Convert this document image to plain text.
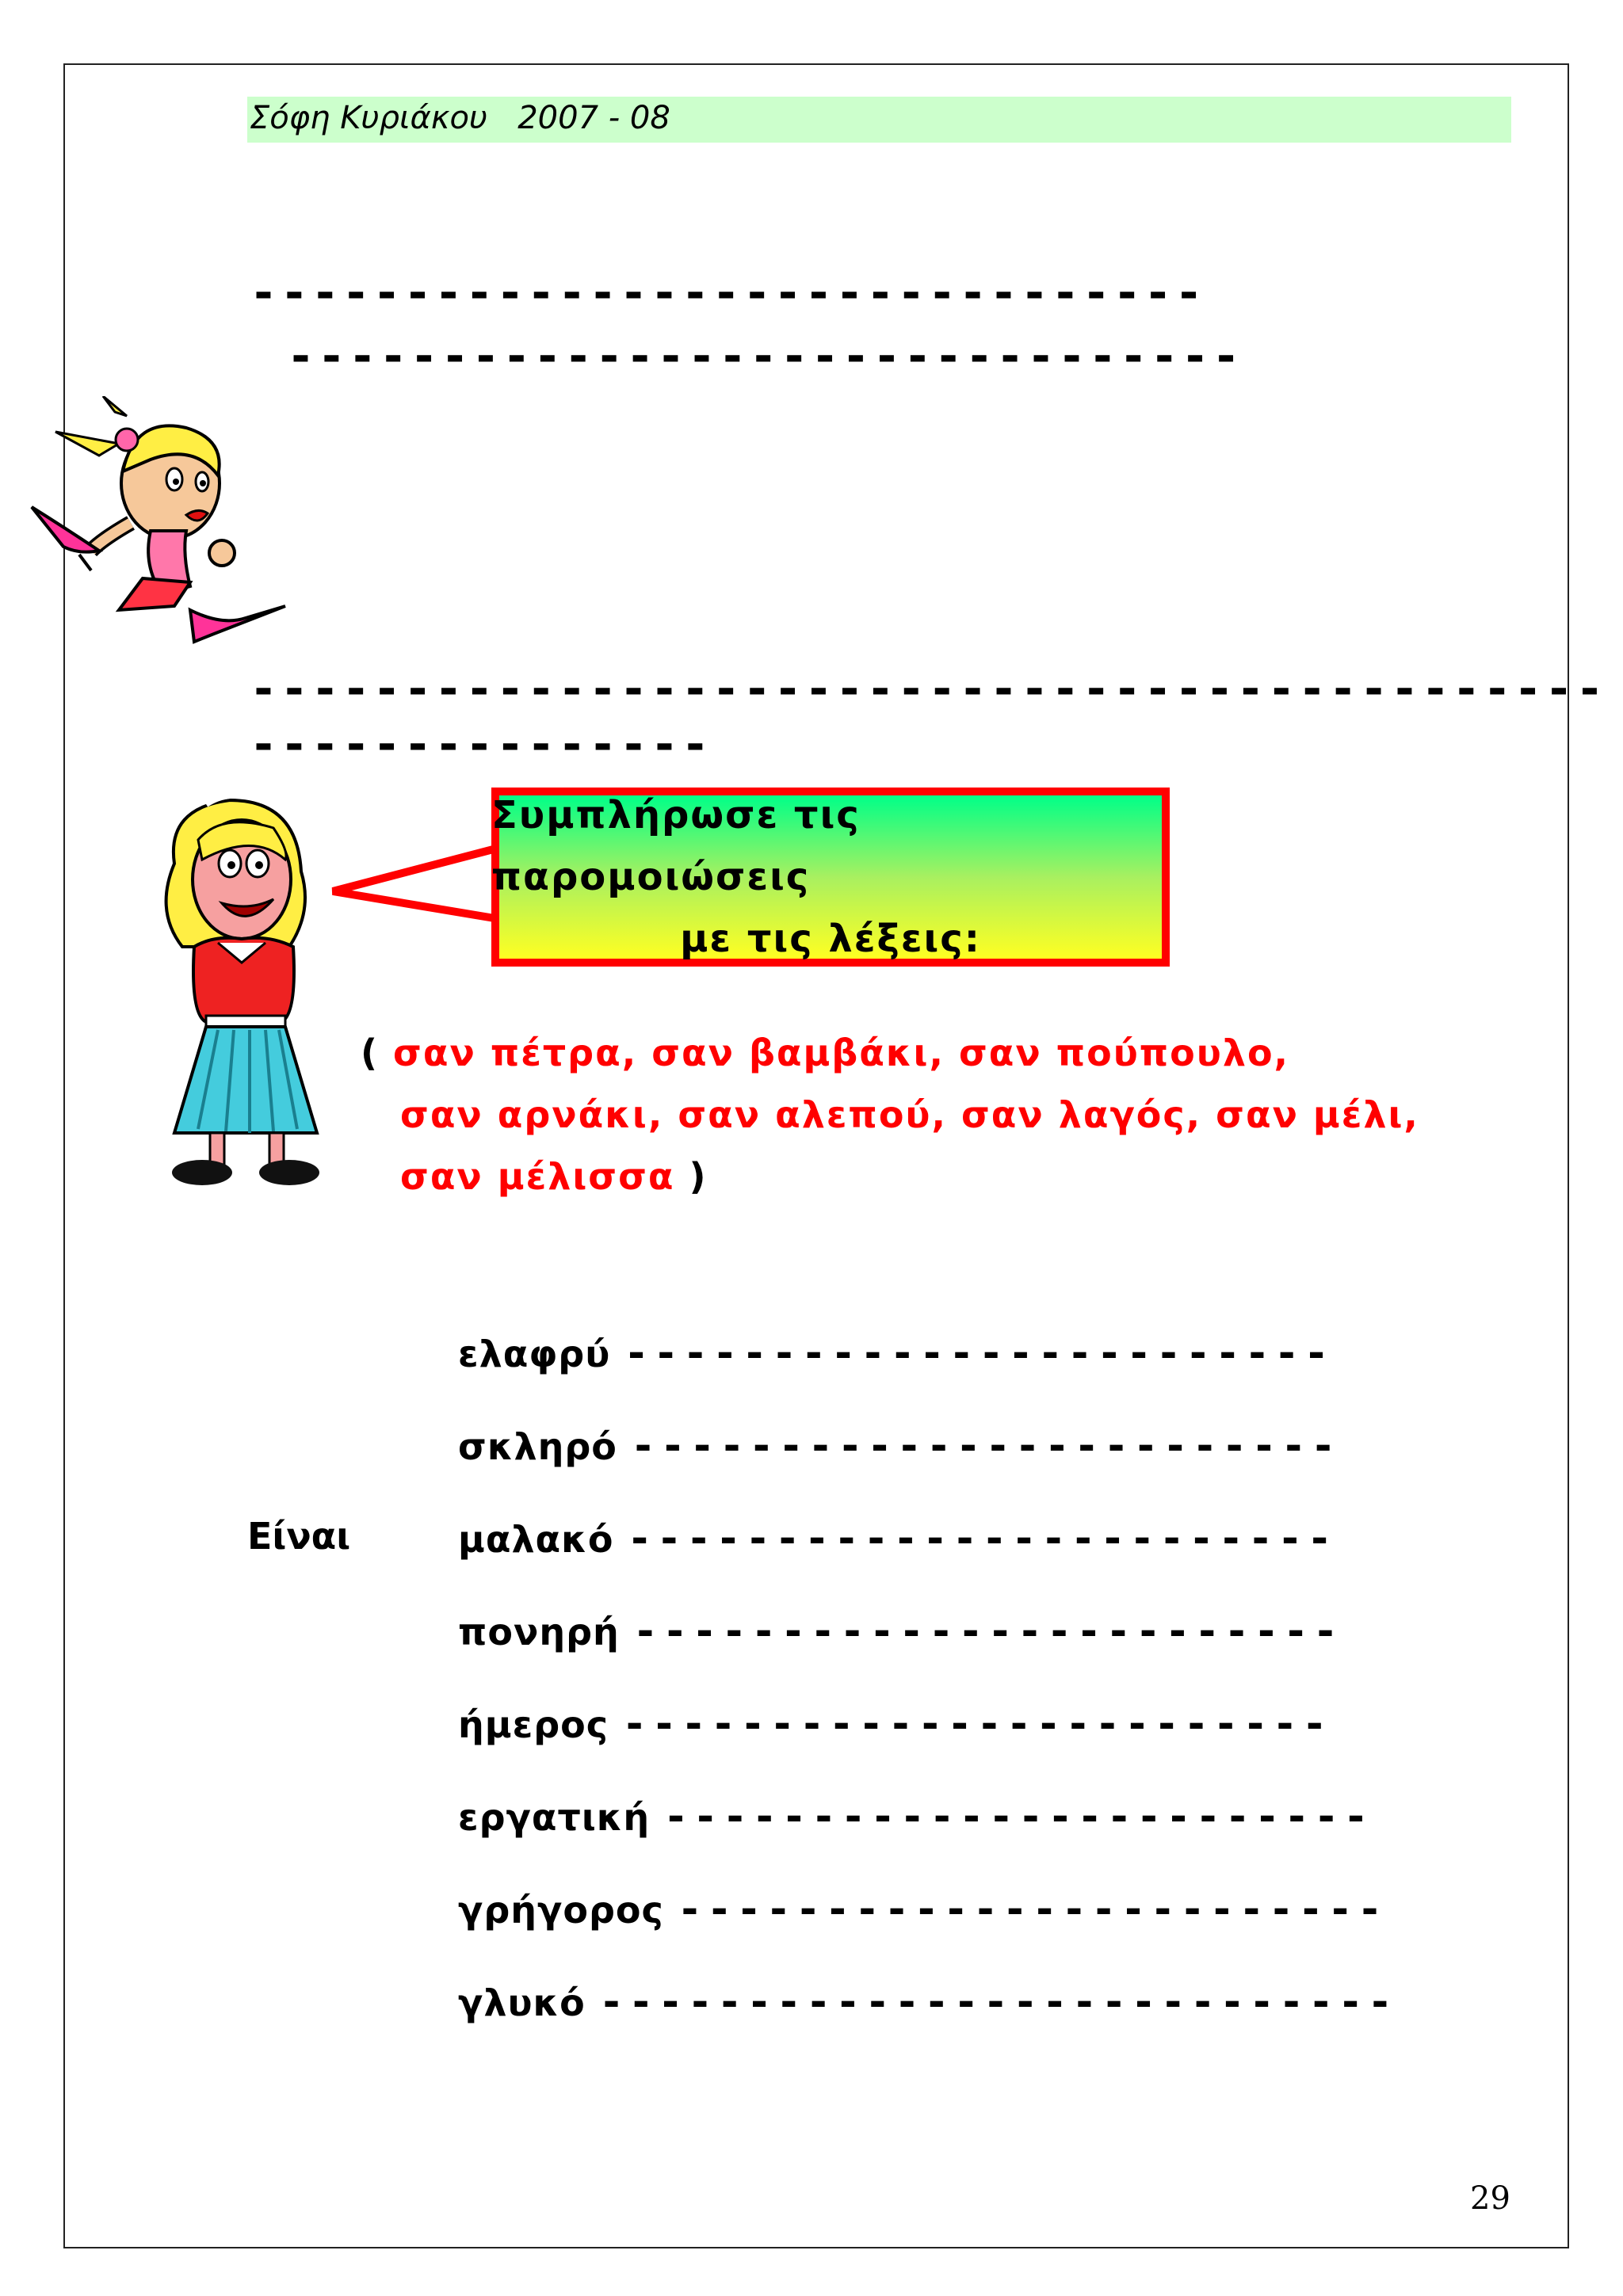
Σόφη Κυριάκου 2007 - 08
-------------------------------
-------------------------------
--------------------------------------------
---------------
Συμπλήρωσε τις παρομοιώσεις
με τις λέξεις:
( σαν πέτρα, σαν βαμβάκι, σαν πούπουλο,
σαν αρνάκι, σαν αλεπού, σαν λαγός, σαν μέλι,
σαν μέλισσα )
Είναι
ελαφρύ ------------------------
σκληρό ------------------------
μαλακό ------------------------
πονηρή ------------------------
ήμερος ------------------------
εργατική ------------------------
γρήγορος ------------------------
γλυκό ---------------------------
29
